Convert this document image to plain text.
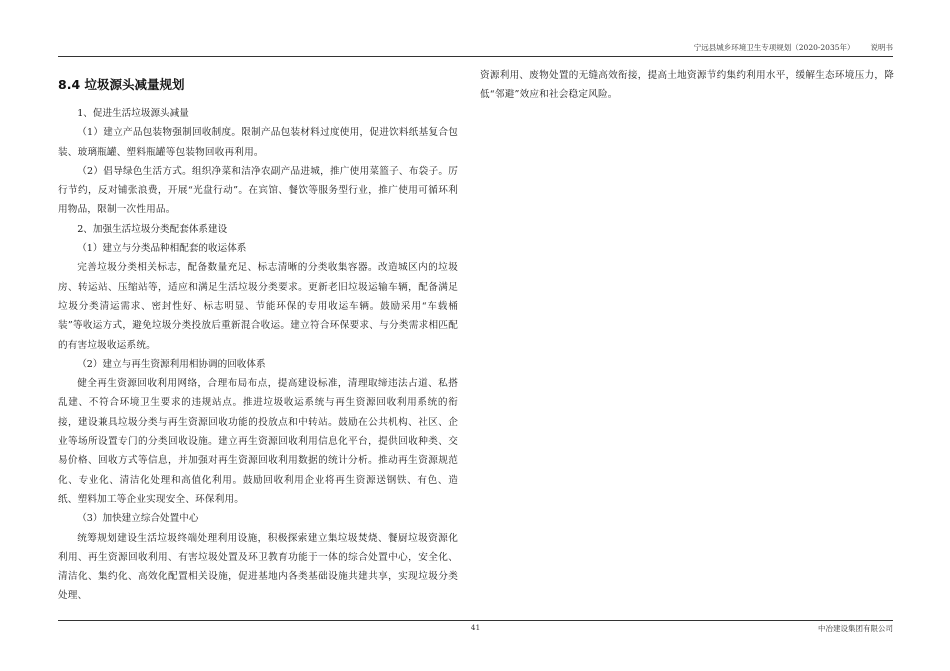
宁远县城乡环境卫生专项规划（2020-2035年） 说明书
8.4 垃圾源头减量规划

1、促进生活垃圾源头减量

（1）建立产品包装物强制回收制度。限制产品包装材料过度使用，促进饮料纸基复合包装、玻璃瓶罐、塑料瓶罐等包装物回收再利用。

（2）倡导绿色生活方式。组织净菜和洁净农副产品进城，推广使用菜篮子、布袋子。厉行节约，反对铺张浪费，开展“光盘行动”。在宾馆、餐饮等服务型行业，推广使用可循环利用物品，限制一次性用品。

2、加强生活垃圾分类配套体系建设

（1）建立与分类品种相配套的收运体系

完善垃圾分类相关标志，配备数量充足、标志清晰的分类收集容器。改造城区内的垃圾房、转运站、压缩站等，适应和满足生活垃圾分类要求。更新老旧垃圾运输车辆，配备满足垃圾分类清运需求、密封性好、标志明显、节能环保的专用收运车辆。鼓励采用“车载桶装”等收运方式，避免垃圾分类投放后重新混合收运。建立符合环保要求、与分类需求相匹配的有害垃圾收运系统。

（2）建立与再生资源利用相协调的回收体系

健全再生资源回收利用网络，合理布局布点，提高建设标准，清理取缔违法占道、私搭乱建、不符合环境卫生要求的违规站点。推进垃圾收运系统与再生资源回收利用系统的衔接，建设兼具垃圾分类与再生资源回收功能的投放点和中转站。鼓励在公共机构、社区、企业等场所设置专门的分类回收设施。建立再生资源回收利用信息化平台，提供回收种类、交易价格、回收方式等信息，并加强对再生资源回收利用数据的统计分析。推动再生资源规范化、专业化、清洁化处理和高值化利用。鼓励回收利用企业将再生资源送钢铁、有色、造纸、塑料加工等企业实现安全、环保利用。

（3）加快建立综合处置中心

统筹规划建设生活垃圾终端处理利用设施，积极探索建立集垃圾焚烧、餐厨垃圾资源化利用、再生资源回收利用、有害垃圾处置及环卫教育功能于一体的综合处置中心，安全化、清洁化、集约化、高效化配置相关设施，促进基地内各类基础设施共建共享，实现垃圾分类处理、

资源利用、废物处置的无缝高效衔接，提高土地资源节约集约利用水平，缓解生态环境压力，降低“邻避”效应和社会稳定风险。

41	中冶建设集团有限公司
